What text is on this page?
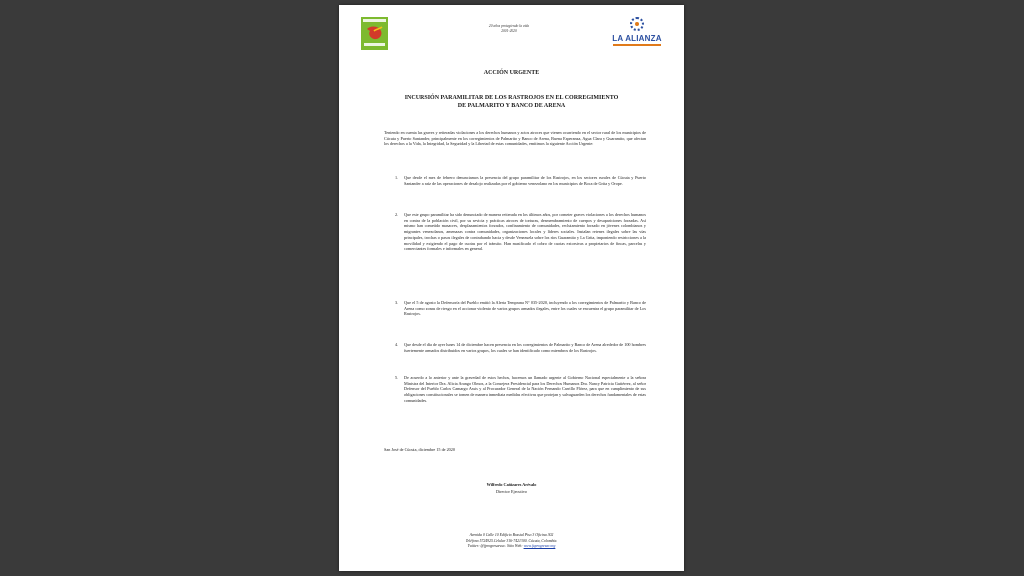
20 años protegiendo la vida
2001-2020
LA ALIANZA
ACCIÓN URGENTE
INCURSIÓN PARAMILITAR DE LOS RASTROJOS EN EL CORREGIMIENTO
DE PALMARITO Y BANCO DE ARENA
Teniendo en cuenta las graves y reiteradas violaciones a los derechos humanos y actos atroces que vienen ocurriendo en el sector rural de los municipios de Cúcuta y Puerto Santander, principalmente en los corregimientos de Palmarito y Banco de Arena, Buena Esperanza, Agua Clara y Guaramito, que afectan los derechos a la Vida, la Integridad, la Seguridad y la Libertad de estas comunidades, emitimos la siguiente Acción Urgente:
1. Que desde el mes de febrero denunciamos la presencia del grupo paramilitar de los Rastrojos, en los sectores rurales de Cúcuta y Puerto Santander a raíz de las operaciones de desalojo realizadas por el gobierno venezolano en los municipios de Boca de Grita y Orope.
2. Que este grupo paramilitar ha sido denunciado de manera reiterada en los últimos años, por cometer graves violaciones a los derechos humanos en contra de la población civil, por su sevicia y prácticas atroces de torturas, desmembramiento de cuerpos y desapariciones forzadas. Así mismo han cometido masacres, desplazamientos forzados, confinamiento de comunidades, reclutamiento forzado en jóvenes colombianos y migrantes venezolanos, amenazas contra comunidades, organizaciones locales y líderes sociales. Instalan retenes ilegales sobre las vías principales, trochas o pasos ilegales de contrabando hacia y desde Venezuela sobre los ríos Guaramito y La Grita, imponiendo restricciones a la movilidad y exigiendo el pago de cuotas por el tránsito. Han masificado el cobro de cuotas extorsivas a propietarios de fincas, parcelas y comerciantes formales e informales en general.
3. Que el 5 de agosto la Defensoría del Pueblo emitió la Alerta Temprana N° 035-2020, incluyendo a los corregimientos de Palmarito y Banco de Arena como zonas de riesgo en el accionar violento de varios grupos armados ilegales, entre los cuales se encuentra el grupo paramilitar de Los Rastrojos.
4. Que desde el día de ayer lunes 14 de diciembre hacen presencia en los corregimientos de Palmarito y Banco de Arena alrededor de 100 hombres fuertemente armados distribuidos en varios grupos, los cuales se han identificado como miembros de los Rastrojos.
5. De acuerdo a lo anterior y ante la gravedad de estos hechos, hacemos un llamado urgente al Gobierno Nacional especialmente a la señora Ministra del Interior Dra. Alicia Arango Olmos, a la Consejera Presidencial para los Derechos Humanos Dra. Nancy Patricia Gutiérrez, al señor Defensor del Pueblo Carlos Camargo Assis y al Procurador General de la Nación Fernando Carrillo Flórez, para que en cumplimiento de sus obligaciones constitucionales se tomen de manera inmediata medidas efectivas que protejan y salvaguarden los derechos fundamentales de estas comunidades.
San José de Cúcuta, diciembre 15 de 2020
Wilfredo Cañizares Arévalo
Director Ejecutivo
Avenida 0 Calle 10 Edificio Bosstal Piso 3 Oficina 302
Teléfono 5724925.Celular 316-7421300. Cúcuta, Colombia.
Twitter: @fprogresarcuc. Sitio Web: www.fuprogresar.org
